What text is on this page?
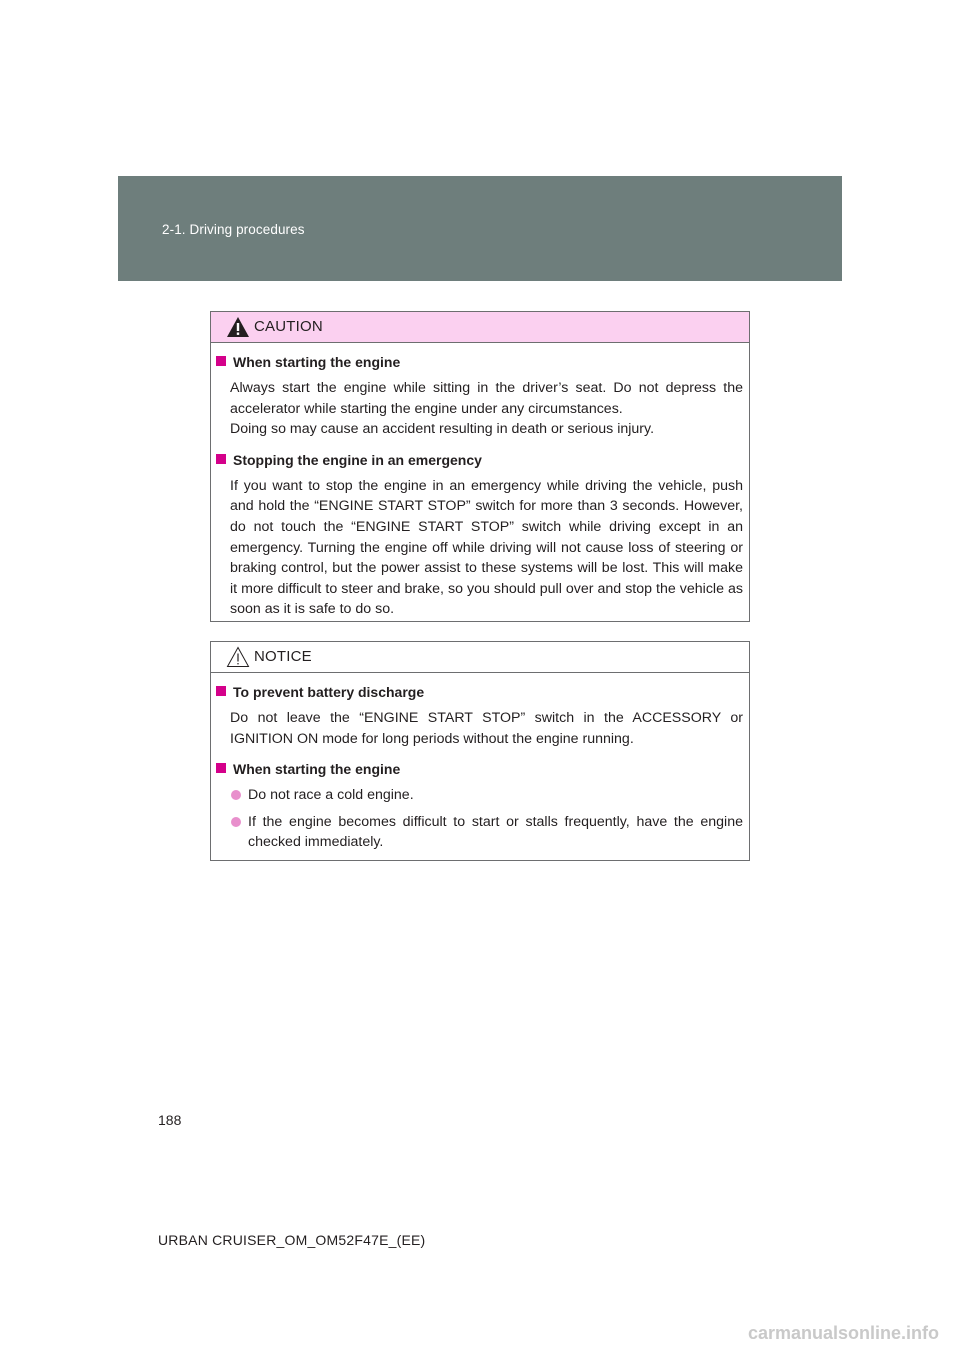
2-1. Driving procedures
CAUTION
When starting the engine
Always start the engine while sitting in the driver’s seat. Do not depress the accelerator while starting the engine under any circumstances.
Doing so may cause an accident resulting in death or serious injury.
Stopping the engine in an emergency
If you want to stop the engine in an emergency while driving the vehicle, push and hold the “ENGINE START STOP” switch for more than 3 seconds. However, do not touch the “ENGINE START STOP” switch while driving except in an emergency. Turning the engine off while driving will not cause loss of steering or braking control, but the power assist to these systems will be lost. This will make it more difficult to steer and brake, so you should pull over and stop the vehicle as soon as it is safe to do so.
NOTICE
To prevent battery discharge
Do not leave the “ENGINE START STOP” switch in the ACCESSORY or IGNITION ON mode for long periods without the engine running.
When starting the engine
Do not race a cold engine.
If the engine becomes difficult to start or stalls frequently, have the engine checked immediately.
188
URBAN CRUISER_OM_OM52F47E_(EE)
carmanualsonline.info
